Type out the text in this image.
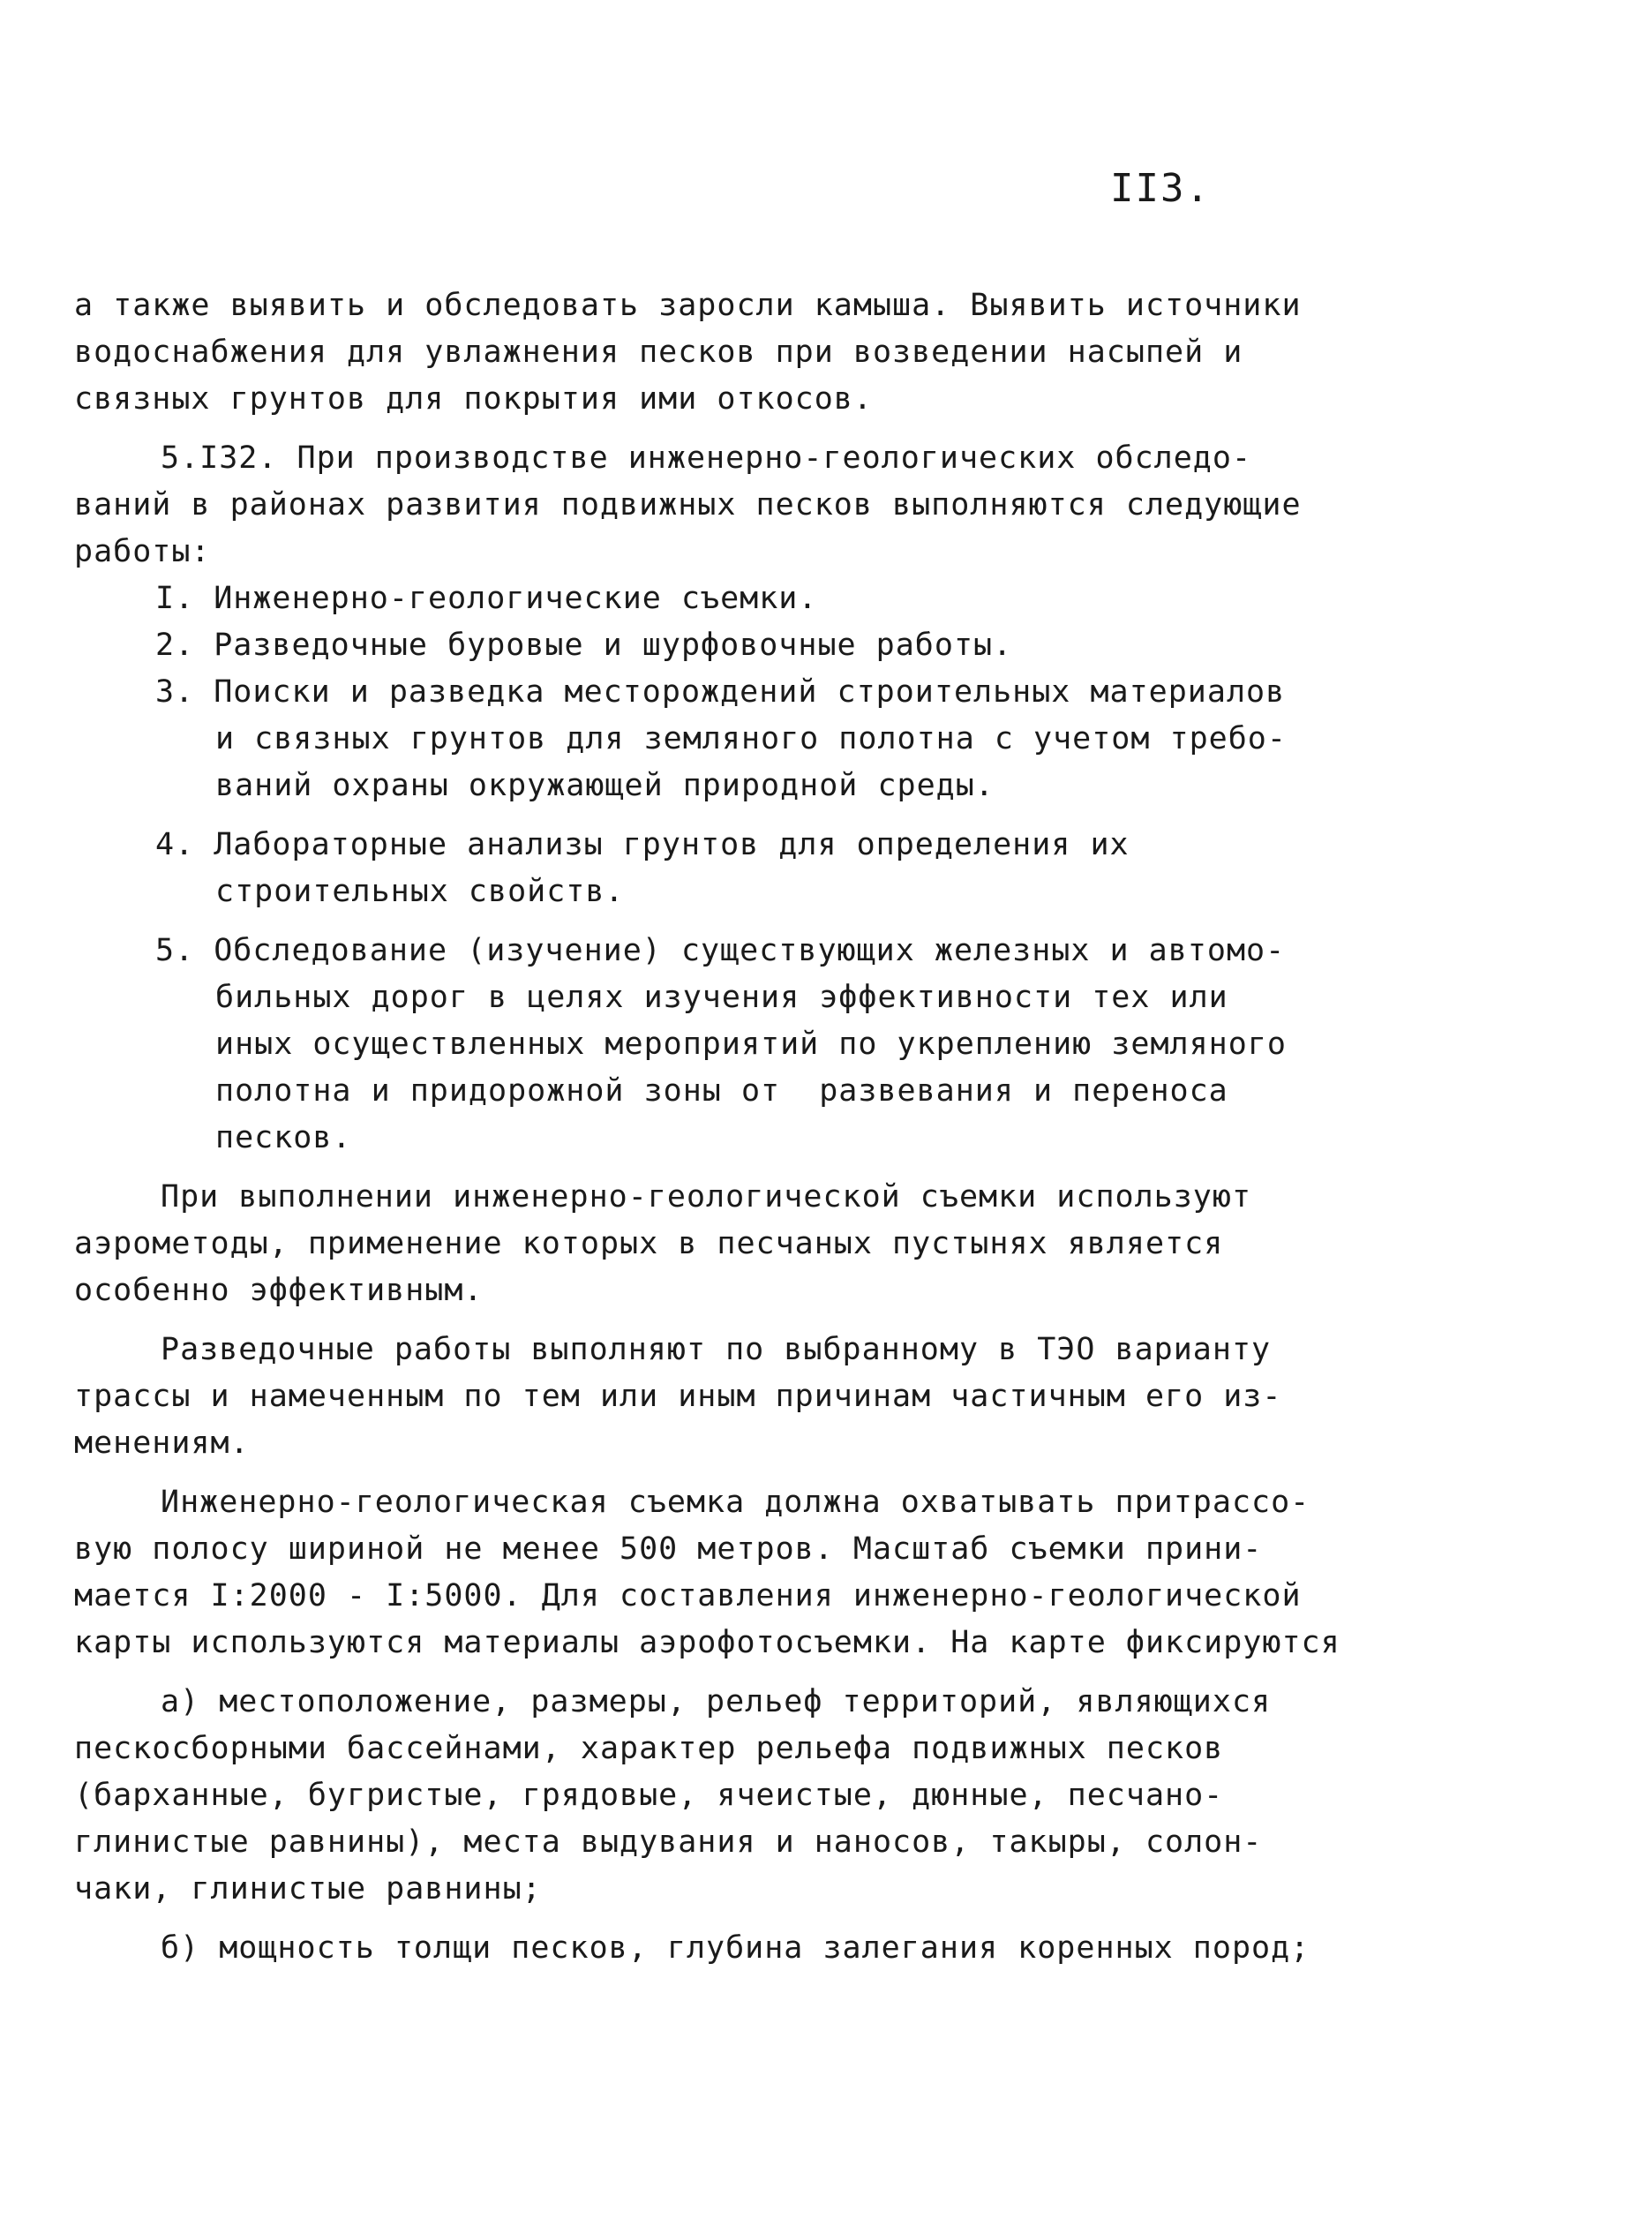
II3.
а также выявить и обследовать заросли камыша. Выявить источники
водоснабжения для увлажнения песков при возведении насыпей и
связных грунтов для покрытия ими откосов.
5.I32. При производстве инженерно-геологических обследо-
ваний в районах развития подвижных песков выполняются следующие
работы:
I. Инженерно-геологические съемки.
2. Разведочные буровые и шурфовочные работы.
3. Поиски и разведка месторождений строительных материалов
и связных грунтов для земляного полотна с учетом требо-
ваний охраны окружающей природной среды.
4. Лабораторные анализы грунтов для определения их
строительных свойств.
5. Обследование (изучение) существующих железных и автомо-
бильных дорог в целях изучения эффективности тех или
иных осуществленных мероприятий по укреплению земляного
полотна и придорожной зоны от  развевания и переноса
песков.
При выполнении инженерно-геологической съемки используют
аэрометоды, применение которых в песчаных пустынях является
особенно эффективным.
Разведочные работы выполняют по выбранному в ТЭО варианту
трассы и намеченным по тем или иным причинам частичным его из-
менениям.
Инженерно-геологическая съемка должна охватывать притрассо-
вую полосу шириной не менее 500 метров. Масштаб съемки прини-
мается I:2000 - I:5000. Для составления инженерно-геологической
карты используются материалы аэрофотосъемки. На карте фиксируются
а) местоположение, размеры, рельеф территорий, являющихся
пескосборными бассейнами, характер рельефа подвижных песков
(барханные, бугристые, грядовые, ячеистые, дюнные, песчано-
глинистые равнины), места выдувания и наносов, такыры, солон-
чаки, глинистые равнины;
б) мощность толщи песков, глубина залегания коренных пород;
